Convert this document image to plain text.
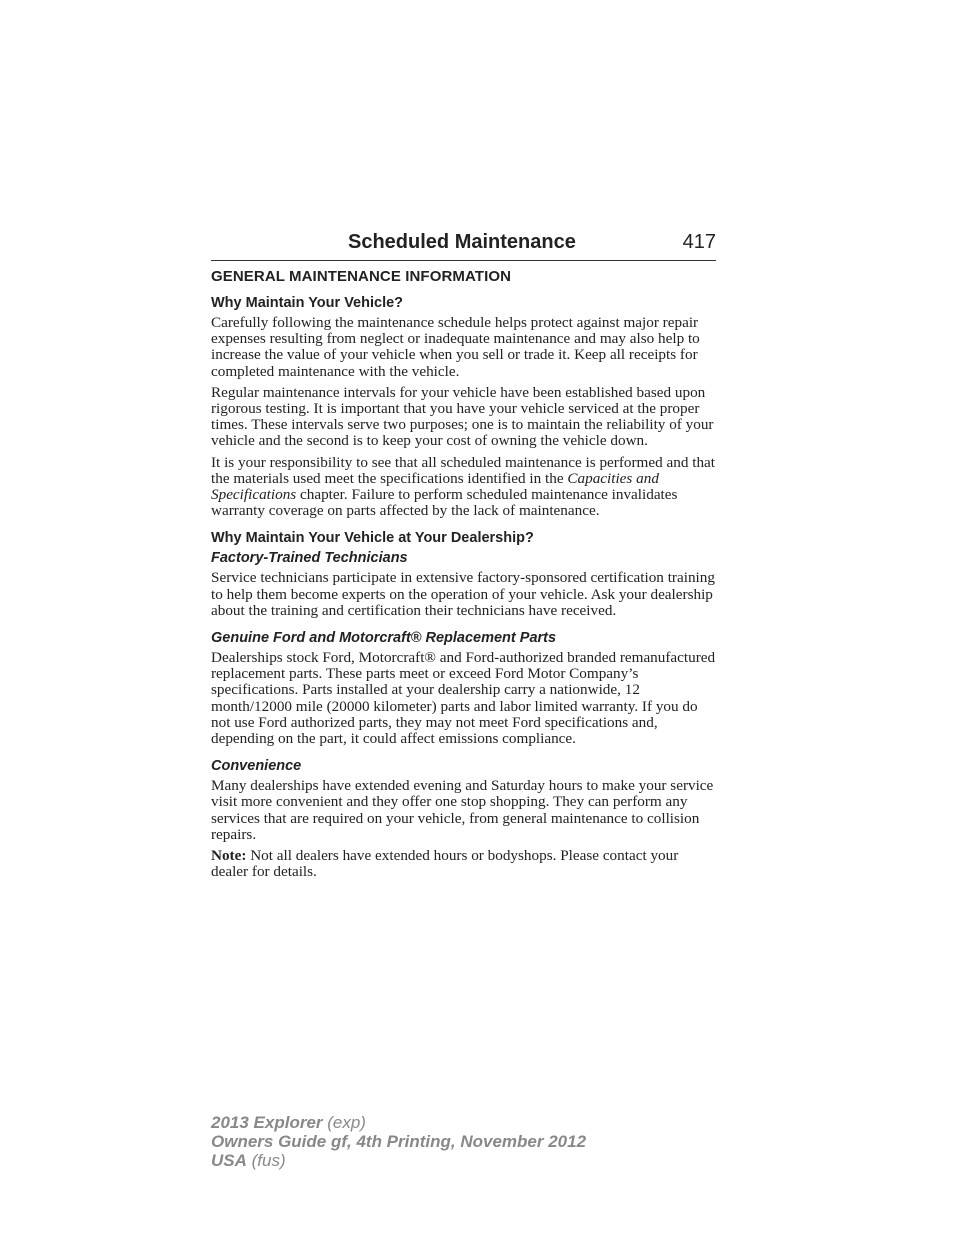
Scheduled Maintenance	417
GENERAL MAINTENANCE INFORMATION
Why Maintain Your Vehicle?

Carefully following the maintenance schedule helps protect against major repair expenses resulting from neglect or inadequate maintenance and may also help to increase the value of your vehicle when you sell or trade it. Keep all receipts for completed maintenance with the vehicle.

Regular maintenance intervals for your vehicle have been established based upon rigorous testing. It is important that you have your vehicle serviced at the proper times. These intervals serve two purposes; one is to maintain the reliability of your vehicle and the second is to keep your cost of owning the vehicle down.

It is your responsibility to see that all scheduled maintenance is performed and that the materials used meet the specifications identified in the Capacities and Specifications chapter. Failure to perform scheduled maintenance invalidates warranty coverage on parts affected by the lack of maintenance.

Why Maintain Your Vehicle at Your Dealership?
Factory-Trained Technicians

Service technicians participate in extensive factory-sponsored certification training to help them become experts on the operation of your vehicle. Ask your dealership about the training and certification their technicians have received.

Genuine Ford and Motorcraft® Replacement Parts

Dealerships stock Ford, Motorcraft® and Ford-authorized branded remanufactured replacement parts. These parts meet or exceed Ford Motor Company’s specifications. Parts installed at your dealership carry a nationwide, 12 month/12000 mile (20000 kilometer) parts and labor limited warranty. If you do not use Ford authorized parts, they may not meet Ford specifications and, depending on the part, it could affect emissions compliance.

Convenience

Many dealerships have extended evening and Saturday hours to make your service visit more convenient and they offer one stop shopping. They can perform any services that are required on your vehicle, from general maintenance to collision repairs.

Note: Not all dealers have extended hours or bodyshops. Please contact your dealer for details.

2013 Explorer (exp)
Owners Guide gf, 4th Printing, November 2012
USA (fus)
